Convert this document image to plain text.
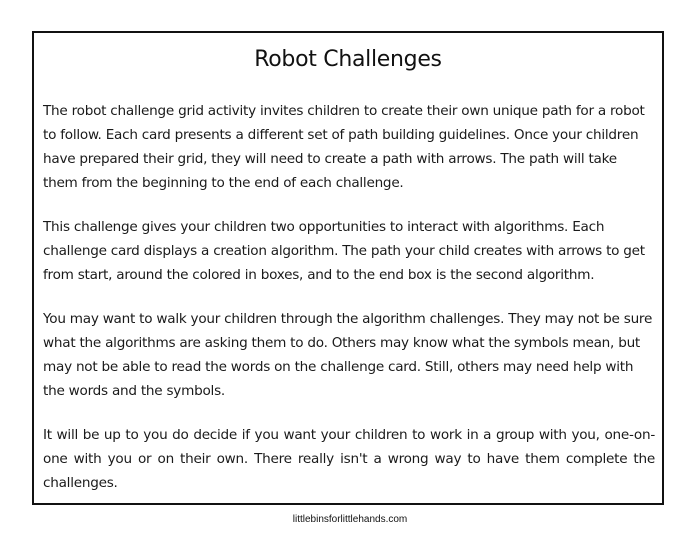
Robot Challenges

The robot challenge grid activity invites children to create their own unique path for a robot to follow. Each card presents a different set of path building guidelines. Once your children have prepared their grid, they will need to create a path with arrows. The path will take them from the beginning to the end of each challenge.

This challenge gives your children two opportunities to interact with algorithms. Each challenge card displays a creation algorithm. The path your child creates with arrows to get from start, around the colored in boxes, and to the end box is the second algorithm.

You may want to walk your children through the algorithm challenges. They may not be sure what the algorithms are asking them to do. Others may know what the symbols mean, but may not be able to read the words on the challenge card. Still, others may need help with the words and the symbols.

It will be up to you do decide if you want your children to work in a group with you, one-on-one with you or on their own. There really isn't a wrong way to have them complete the challenges.

littlebinsforlittlehands.com
